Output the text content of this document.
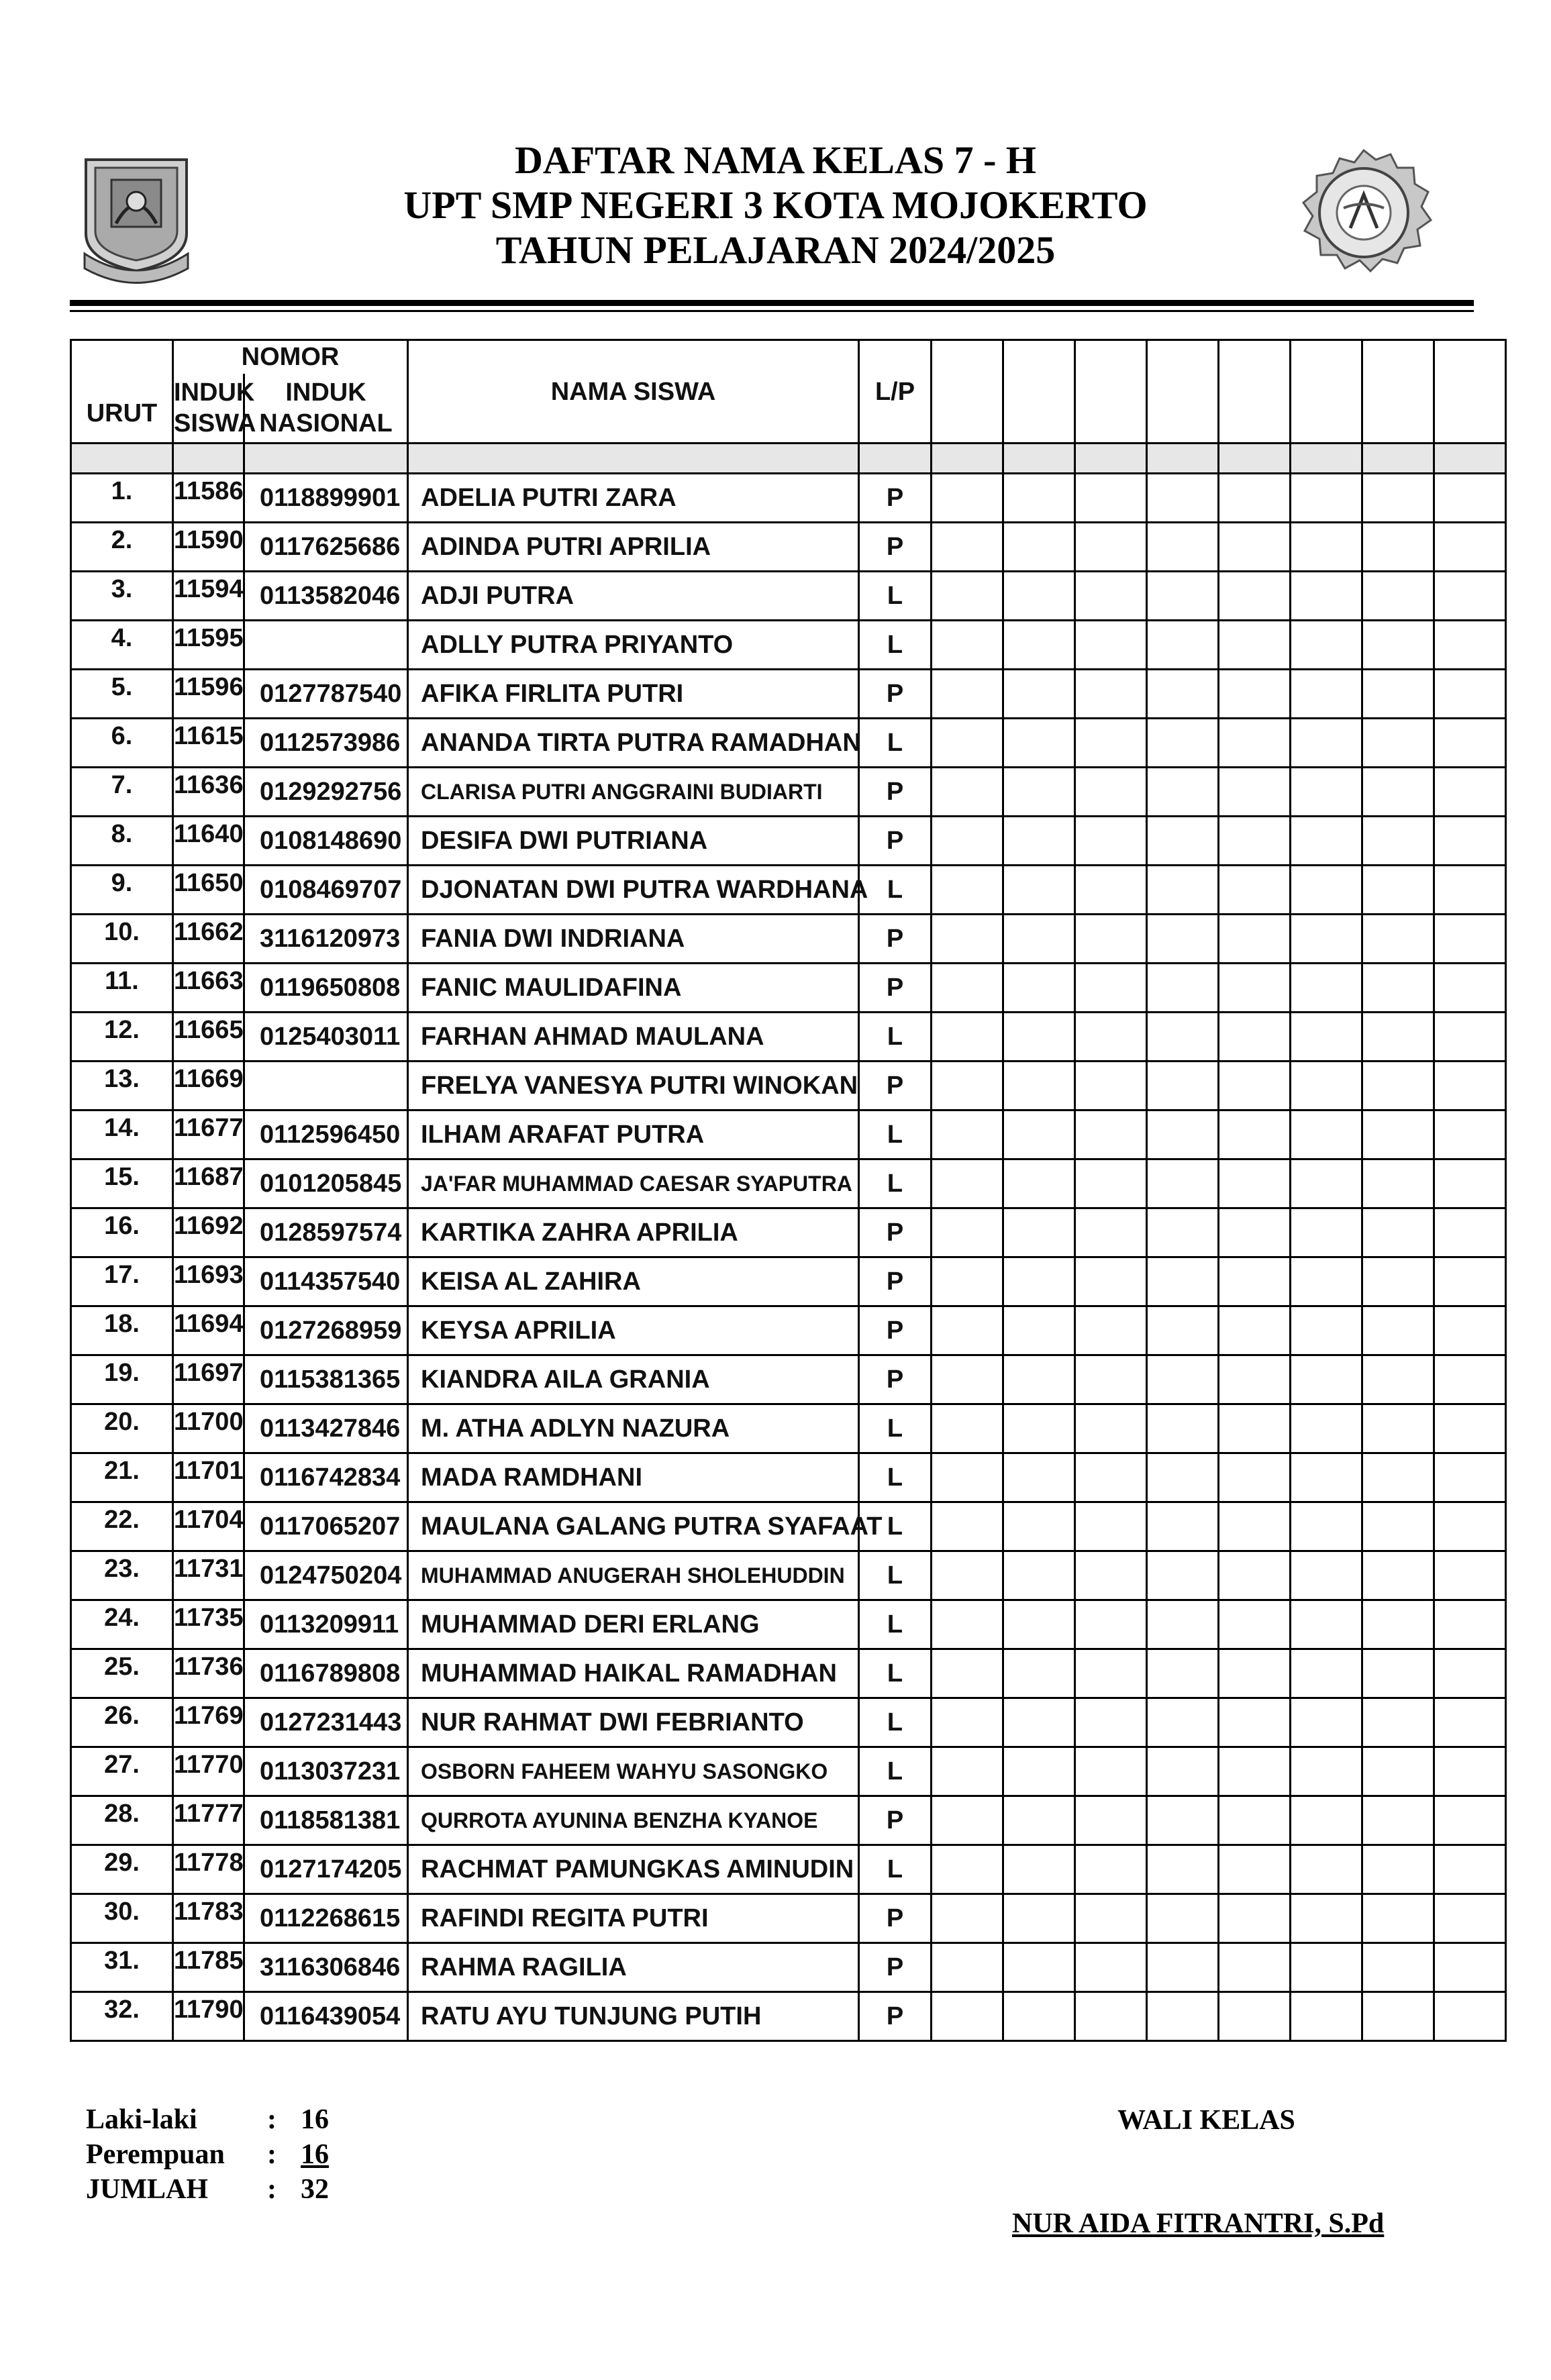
DAFTAR NAMA KELAS 7 - H
UPT SMP NEGERI 3 KOTA MOJOKERTO
TAHUN PELAJARAN 2024/2025
URUT	NOMOR		NAMA SISWA	L/P								
	INDUK SISWA	INDUK NASIONAL										

1.	11586	0118899901	ADELIA PUTRI ZARA	P								
2.	11590	0117625686	ADINDA PUTRI APRILIA	P								
3.	11594	0113582046	ADJI PUTRA	L								
4.	11595		ADLLY PUTRA PRIYANTO	L								
5.	11596	0127787540	AFIKA FIRLITA PUTRI	P								
6.	11615	0112573986	ANANDA TIRTA PUTRA RAMADHAN	L								
7.	11636	0129292756	CLARISA PUTRI ANGGRAINI BUDIARTI	P								
8.	11640	0108148690	DESIFA DWI PUTRIANA	P								
9.	11650	0108469707	DJONATAN DWI PUTRA WARDHANA	L								
10.	11662	3116120973	FANIA DWI INDRIANA	P								
11.	11663	0119650808	FANIC MAULIDAFINA	P								
12.	11665	0125403011	FARHAN AHMAD MAULANA	L								
13.	11669		FRELYA VANESYA PUTRI WINOKAN	P								
14.	11677	0112596450	ILHAM ARAFAT PUTRA	L								
15.	11687	0101205845	JA'FAR MUHAMMAD CAESAR SYAPUTRA	L								
16.	11692	0128597574	KARTIKA ZAHRA APRILIA	P								
17.	11693	0114357540	KEISA AL ZAHIRA	P								
18.	11694	0127268959	KEYSA APRILIA	P								
19.	11697	0115381365	KIANDRA AILA GRANIA	P								
20.	11700	0113427846	M. ATHA ADLYN NAZURA	L								
21.	11701	0116742834	MADA RAMDHANI	L								
22.	11704	0117065207	MAULANA GALANG PUTRA SYAFAAT	L								
23.	11731	0124750204	MUHAMMAD ANUGERAH SHOLEHUDDIN	L								
24.	11735	0113209911	MUHAMMAD DERI ERLANG	L								
25.	11736	0116789808	MUHAMMAD HAIKAL RAMADHAN	L								
26.	11769	0127231443	NUR RAHMAT DWI FEBRIANTO	L								
27.	11770	0113037231	OSBORN FAHEEM WAHYU SASONGKO	L								
28.	11777	0118581381	QURROTA AYUNINA BENZHA KYANOE	P								
29.	11778	0127174205	RACHMAT PAMUNGKAS AMINUDIN	L								
30.	11783	0112268615	RAFINDI REGITA PUTRI	P								
31.	11785	3116306846	RAHMA RAGILIA	P								
32.	11790	0116439054	RATU AYU TUNJUNG PUTIH	P								
Laki-laki : 16
Perempuan : 16
JUMLAH : 32
WALI KELAS
NUR AIDA FITRANTRI, S.Pd
